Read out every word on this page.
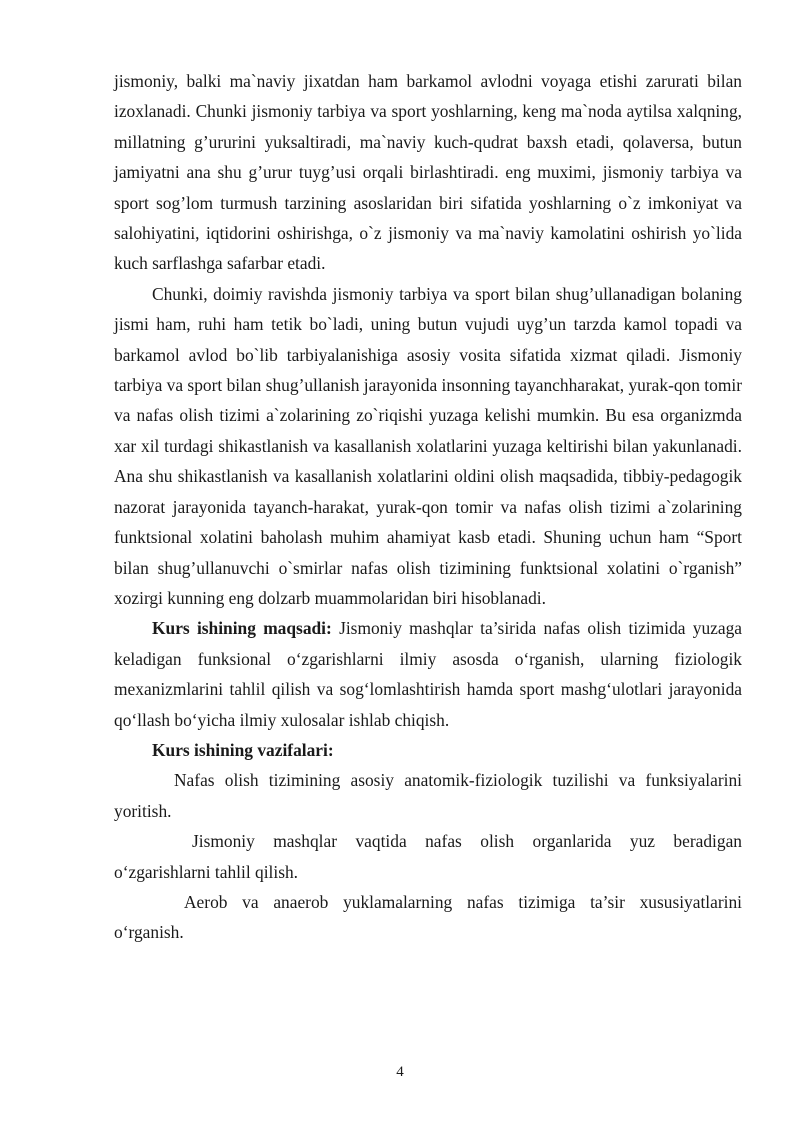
jismoniy, balki ma`naviy jixatdan ham barkamol avlodni voyaga etishi zarurati bilan izoxlanadi. Chunki jismoniy tarbiya va sport yoshlarning, keng ma`noda aytilsa xalqning, millatning g’ururini yuksaltiradi, ma`naviy kuch-qudrat baxsh etadi, qolaversa, butun jamiyatni ana shu g’urur tuyg’usi orqali birlashtiradi. eng muximi, jismoniy tarbiya va sport sog’lom turmush tarzining asoslaridan biri sifatida yoshlarning o`z imkoniyat va salohiyatini, iqtidorini oshirishga, o`z jismoniy va ma`naviy kamolatini oshirish yo`lida kuch sarflashga safarbar etadi.

Chunki, doimiy ravishda jismoniy tarbiya va sport bilan shug’ullanadigan bolaning jismi ham, ruhi ham tetik bo`ladi, uning butun vujudi uyg’un tarzda kamol topadi va barkamol avlod bo`lib tarbiyalanishiga asosiy vosita sifatida xizmat qiladi. Jismoniy tarbiya va sport bilan shug’ullanish jarayonida insonning tayanchharakat, yurak-qon tomir va nafas olish tizimi a`zolarining zo`riqishi yuzaga kelishi mumkin. Bu esa organizmda xar xil turdagi shikastlanish va kasallanish xolatlarini yuzaga keltirishi bilan yakunlanadi. Ana shu shikastlanish va kasallanish xolatlarini oldini olish maqsadida, tibbiy-pedagogik nazorat jarayonida tayanch-harakat, yurak-qon tomir va nafas olish tizimi a`zolarining funktsional xolatini baholash muhim ahamiyat kasb etadi. Shuning uchun ham “Sport bilan shug’ullanuvchi o`smirlar nafas olish tizimining funktsional xolatini o`rganish” xozirgi kunning eng dolzarb muammolaridan biri hisoblanadi.

Kurs ishining maqsadi: Jismoniy mashqlar ta’sirida nafas olish tizimida yuzaga keladigan funksional o‘zgarishlarni ilmiy asosda o‘rganish, ularning fiziologik mexanizmlarini tahlil qilish va sog‘lomlashtirish hamda sport mashg‘ulotlari jarayonida qo‘llash bo‘yicha ilmiy xulosalar ishlab chiqish.

Kurs ishining vazifalari:

Nafas olish tizimining asosiy anatomik-fiziologik tuzilishi va funksiyalarini yoritish.

Jismoniy mashqlar vaqtida nafas olish organlarida yuz beradigan o‘zgarishlarni tahlil qilish.

Aerob va anaerob yuklamalarning nafas tizimiga ta’sir xususiyatlarini o‘rganish.

4
